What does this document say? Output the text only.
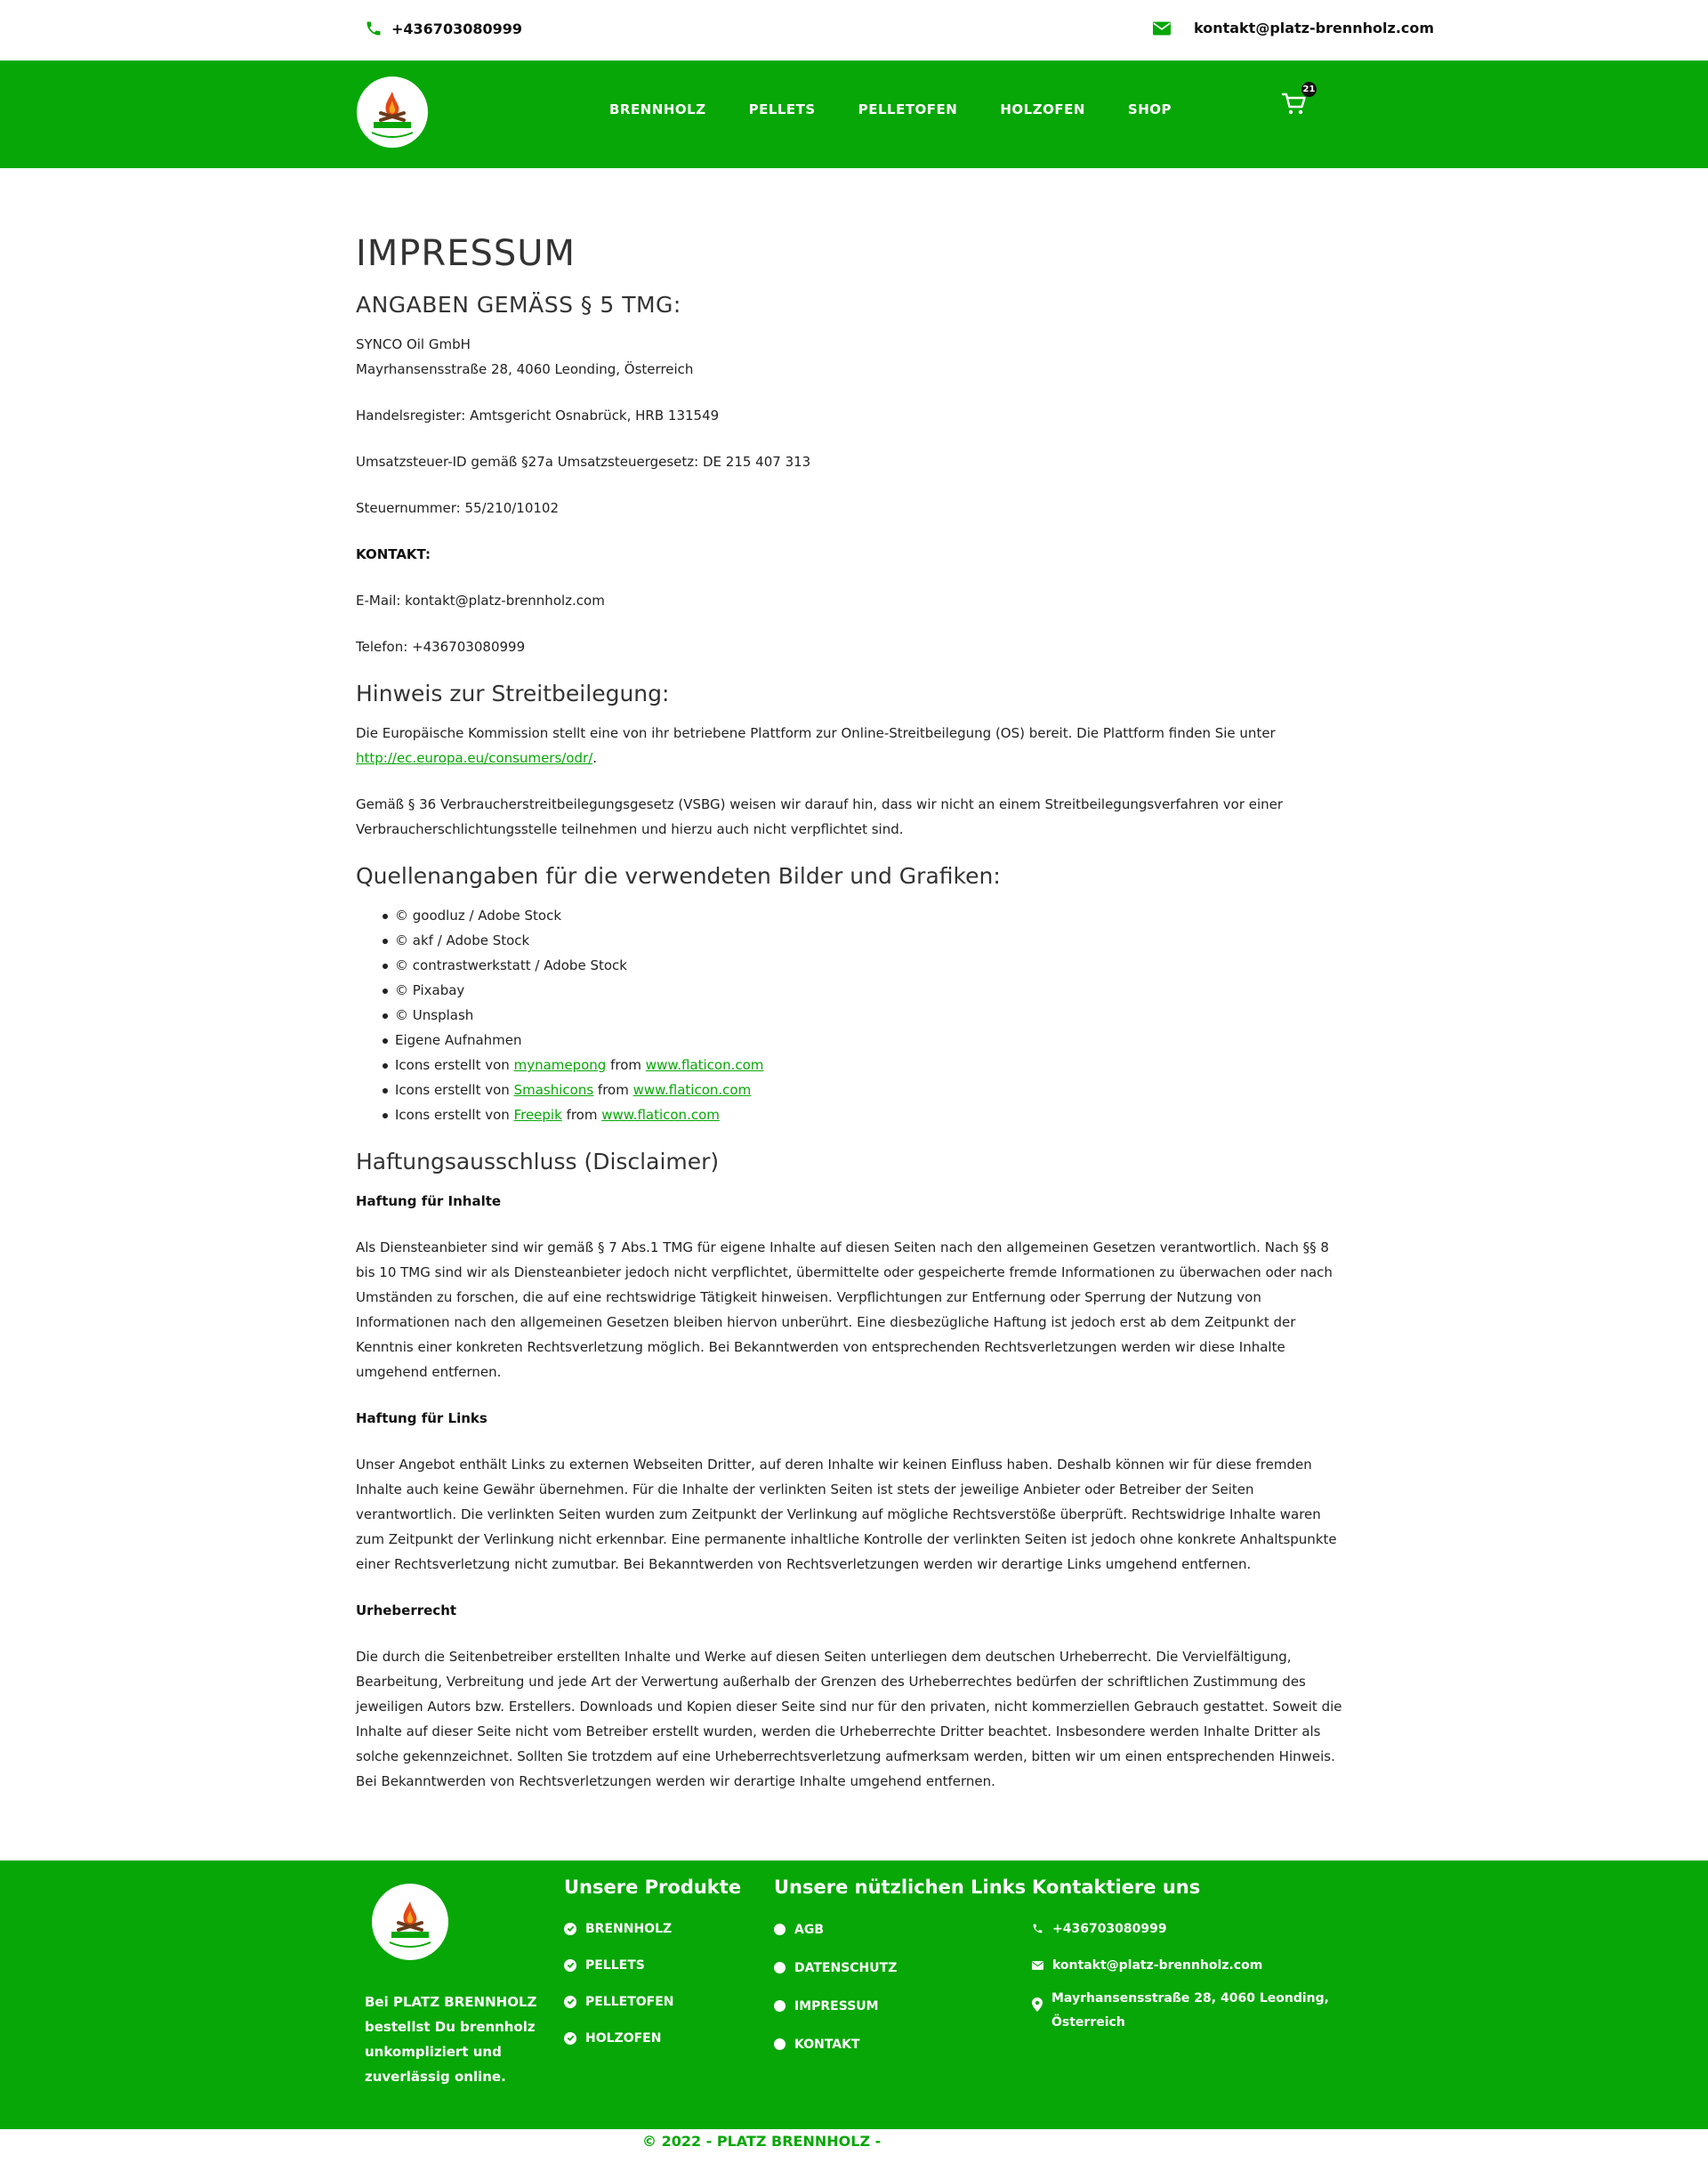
+436703080999	kontakt@platz-brennholz.com
BRENNHOLZ	PELLETS	PELLETOFEN	HOLZOFEN	SHOP
21
IMPRESSUM
ANGABEN GEMÄSS § 5 TMG:

SYNCO Oil GmbH
Mayrhansensstraße 28, 4060 Leonding, Österreich

Handelsregister: Amtsgericht Osnabrück, HRB 131549

Umsatzsteuer-ID gemäß §27a Umsatzsteuergesetz: DE 215 407 313

Steuernummer: 55/210/10102

KONTAKT:

E-Mail: kontakt@platz-brennholz.com

Telefon: +436703080999

Hinweis zur Streitbeilegung:

Die Europäische Kommission stellt eine von ihr betriebene Plattform zur Online-Streitbeilegung (OS) bereit. Die Plattform finden Sie unter http://ec.europa.eu/consumers/odr/.

Gemäß § 36 Verbraucherstreitbeilegungsgesetz (VSBG) weisen wir darauf hin, dass wir nicht an einem Streitbeilegungsverfahren vor einer Verbraucherschlichtungsstelle teilnehmen und hierzu auch nicht verpflichtet sind.

Quellenangaben für die verwendeten Bilder und Grafiken:
© goodluz / Adobe Stock
© akf / Adobe Stock
© contrastwerkstatt / Adobe Stock
© Pixabay
© Unsplash
Eigene Aufnahmen
Icons erstellt von mynamepong from www.flaticon.com
Icons erstellt von Smashicons from www.flaticon.com
Icons erstellt von Freepik from www.flaticon.com
Haftungsausschluss (Disclaimer)

Haftung für Inhalte

Als Diensteanbieter sind wir gemäß § 7 Abs.1 TMG für eigene Inhalte auf diesen Seiten nach den allgemeinen Gesetzen verantwortlich. Nach §§ 8 bis 10 TMG sind wir als Diensteanbieter jedoch nicht verpflichtet, übermittelte oder gespeicherte fremde Informationen zu überwachen oder nach Umständen zu forschen, die auf eine rechtswidrige Tätigkeit hinweisen. Verpflichtungen zur Entfernung oder Sperrung der Nutzung von Informationen nach den allgemeinen Gesetzen bleiben hiervon unberührt. Eine diesbezügliche Haftung ist jedoch erst ab dem Zeitpunkt der Kenntnis einer konkreten Rechtsverletzung möglich. Bei Bekanntwerden von entsprechenden Rechtsverletzungen werden wir diese Inhalte umgehend entfernen.

Haftung für Links

Unser Angebot enthält Links zu externen Webseiten Dritter, auf deren Inhalte wir keinen Einfluss haben. Deshalb können wir für diese fremden Inhalte auch keine Gewähr übernehmen. Für die Inhalte der verlinkten Seiten ist stets der jeweilige Anbieter oder Betreiber der Seiten verantwortlich. Die verlinkten Seiten wurden zum Zeitpunkt der Verlinkung auf mögliche Rechtsverstöße überprüft. Rechtswidrige Inhalte waren zum Zeitpunkt der Verlinkung nicht erkennbar. Eine permanente inhaltliche Kontrolle der verlinkten Seiten ist jedoch ohne konkrete Anhaltspunkte einer Rechtsverletzung nicht zumutbar. Bei Bekanntwerden von Rechtsverletzungen werden wir derartige Links umgehend entfernen.

Urheberrecht

Die durch die Seitenbetreiber erstellten Inhalte und Werke auf diesen Seiten unterliegen dem deutschen Urheberrecht. Die Vervielfältigung, Bearbeitung, Verbreitung und jede Art der Verwertung außerhalb der Grenzen des Urheberrechtes bedürfen der schriftlichen Zustimmung des jeweiligen Autors bzw. Erstellers. Downloads und Kopien dieser Seite sind nur für den privaten, nicht kommerziellen Gebrauch gestattet. Soweit die Inhalte auf dieser Seite nicht vom Betreiber erstellt wurden, werden die Urheberrechte Dritter beachtet. Insbesondere werden Inhalte Dritter als solche gekennzeichnet. Sollten Sie trotzdem auf eine Urheberrechtsverletzung aufmerksam werden, bitten wir um einen entsprechenden Hinweis. Bei Bekanntwerden von Rechtsverletzungen werden wir derartige Inhalte umgehend entfernen.

Bei PLATZ BRENNHOLZ bestellst Du brennholz unkompliziert und zuverlässig online.
Unsere Produkte
BRENNHOLZ
PELLETS
PELLETOFEN
HOLZOFEN
Unsere nützlichen Links
AGB
DATENSCHUTZ
IMPRESSUM
KONTAKT
Kontaktiere uns
+436703080999
kontakt@platz-brennholz.com
Mayrhansensstraße 28, 4060 Leonding, Österreich
© 2022 - PLATZ BRENNHOLZ -
